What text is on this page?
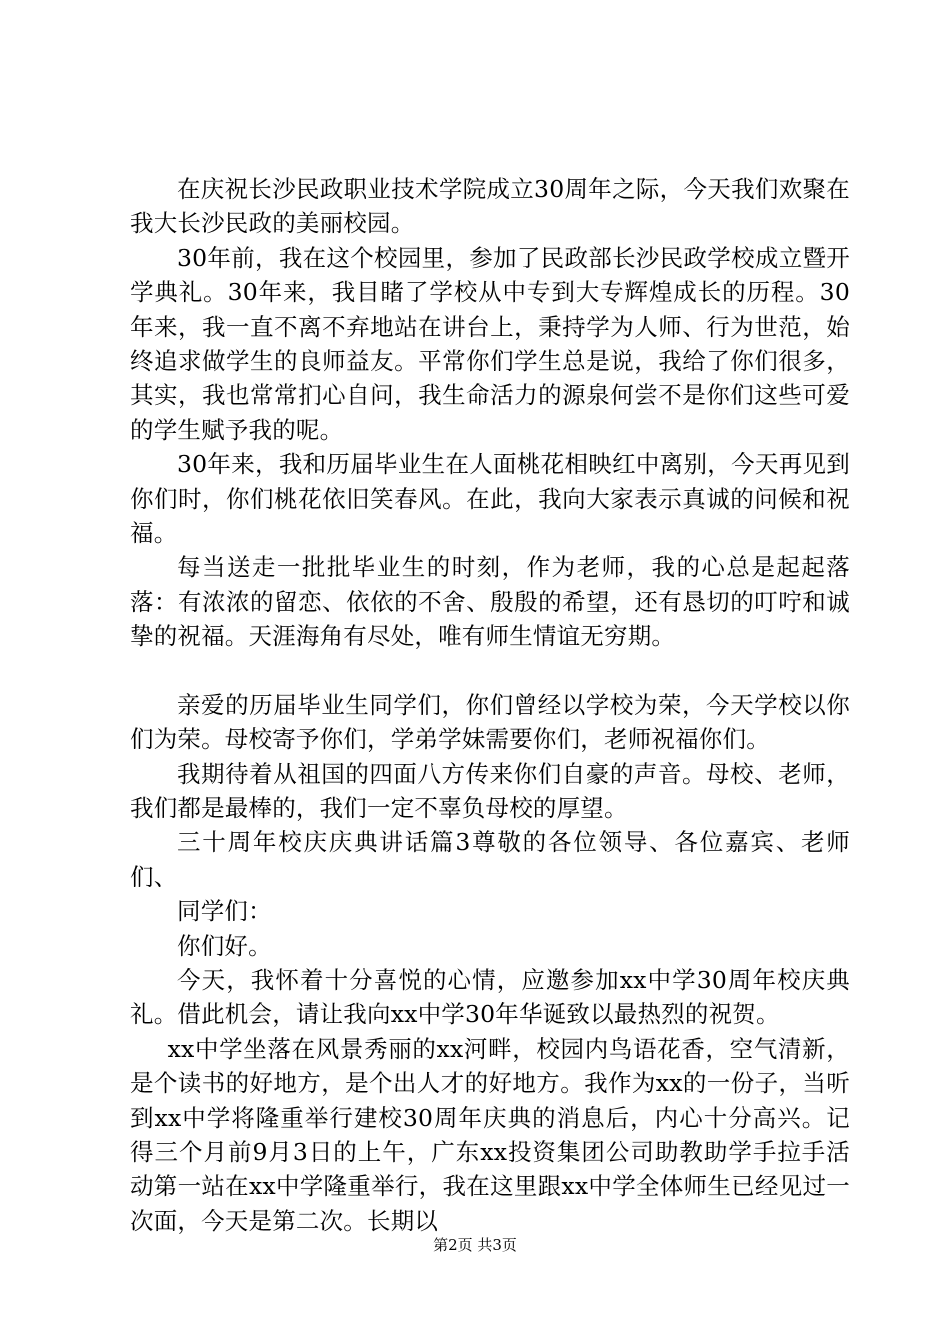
在庆祝长沙民政职业技术学院成立30周年之际，今天我们欢聚在我大长沙民政的美丽校园。

30年前，我在这个校园里，参加了民政部长沙民政学校成立暨开学典礼。30年来，我目睹了学校从中专到大专辉煌成长的历程。30年来，我一直不离不弃地站在讲台上，秉持学为人师、行为世范，始终追求做学生的良师益友。平常你们学生总是说，我给了你们很多，其实，我也常常扪心自问，我生命活力的源泉何尝不是你们这些可爱的学生赋予我的呢。

30年来，我和历届毕业生在人面桃花相映红中离别，今天再见到你们时，你们桃花依旧笑春风。在此，我向大家表示真诚的问候和祝福。

每当送走一批批毕业生的时刻，作为老师，我的心总是起起落落：有浓浓的留恋、依依的不舍、殷殷的希望，还有恳切的叮咛和诚挚的祝福。天涯海角有尽处，唯有师生情谊无穷期。

亲爱的历届毕业生同学们，你们曾经以学校为荣，今天学校以你们为荣。母校寄予你们，学弟学妹需要你们，老师祝福你们。

我期待着从祖国的四面八方传来你们自豪的声音。母校、老师，我们都是最棒的，我们一定不辜负母校的厚望。

三十周年校庆庆典讲话篇3尊敬的各位领导、各位嘉宾、老师们、

同学们：

你们好。

今天，我怀着十分喜悦的心情，应邀参加xx中学30周年校庆典礼。借此机会，请让我向xx中学30年华诞致以最热烈的祝贺。

xx中学坐落在风景秀丽的xx河畔，校园内鸟语花香，空气清新，是个读书的好地方，是个出人才的好地方。我作为xx的一份子，当听到xx中学将隆重举行建校30周年庆典的消息后，内心十分高兴。记得三个月前9月3日的上午，广东xx投资集团公司助教助学手拉手活动第一站在xx中学隆重举行，我在这里跟xx中学全体师生已经见过一次面，今天是第二次。长期以

第2页 共3页
